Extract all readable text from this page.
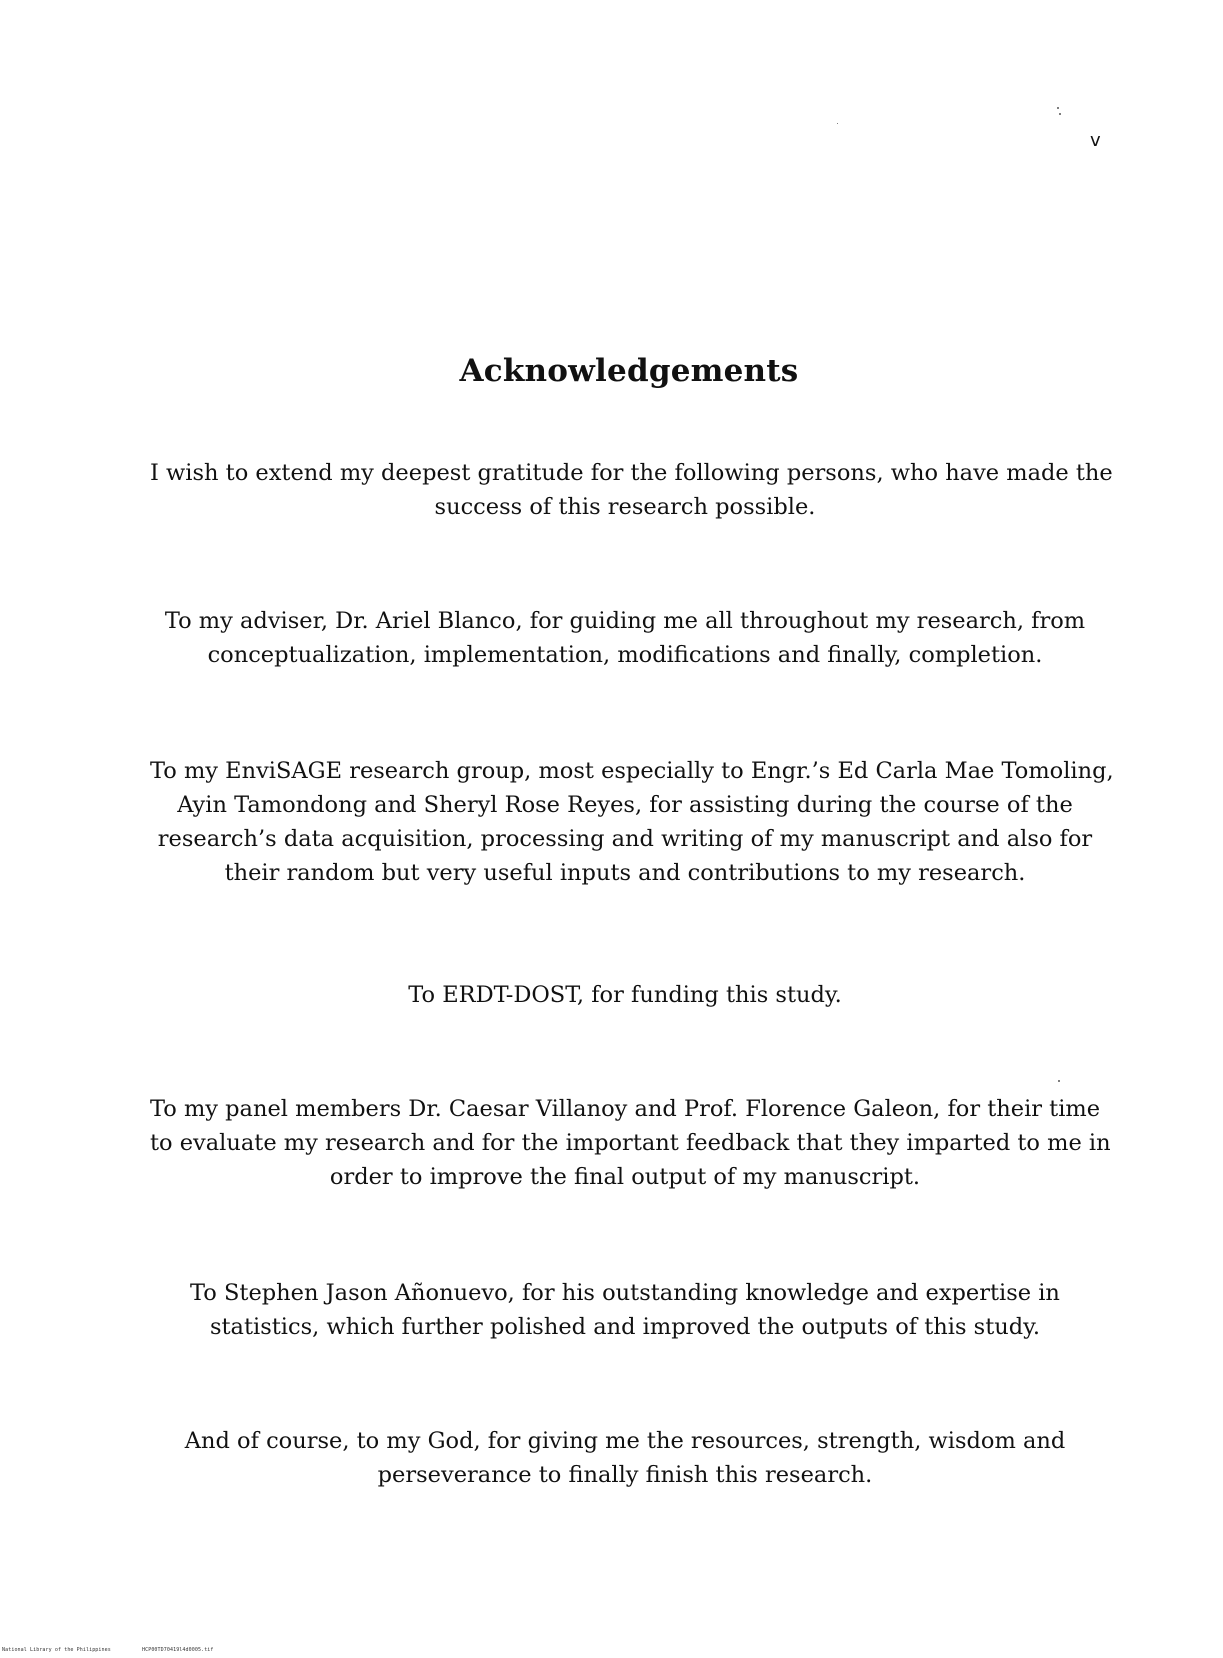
v
Acknowledgements
I wish to extend my deepest gratitude for the following persons, who have made the
success of this research possible.
To my adviser, Dr. Ariel Blanco, for guiding me all throughout my research, from
conceptualization, implementation, modifications and finally, completion.
To my EnviSAGE research group, most especially to Engr.’s Ed Carla Mae Tomoling,
Ayin Tamondong and Sheryl Rose Reyes, for assisting during the course of the
research’s data acquisition, processing and writing of my manuscript and also for
their random but very useful inputs and contributions to my research.
To ERDT-DOST, for funding this study.
To my panel members Dr. Caesar Villanoy and Prof. Florence Galeon, for their time
to evaluate my research and for the important feedback that they imparted to me in
order to improve the final output of my manuscript.
To Stephen Jason Añonuevo, for his outstanding knowledge and expertise in
statistics, which further polished and improved the outputs of this study.
And of course, to my God, for giving me the resources, strength, wisdom and
perseverance to finally finish this research.
National Library of the Philippines	HCP00TD70419l4d0005.tif
